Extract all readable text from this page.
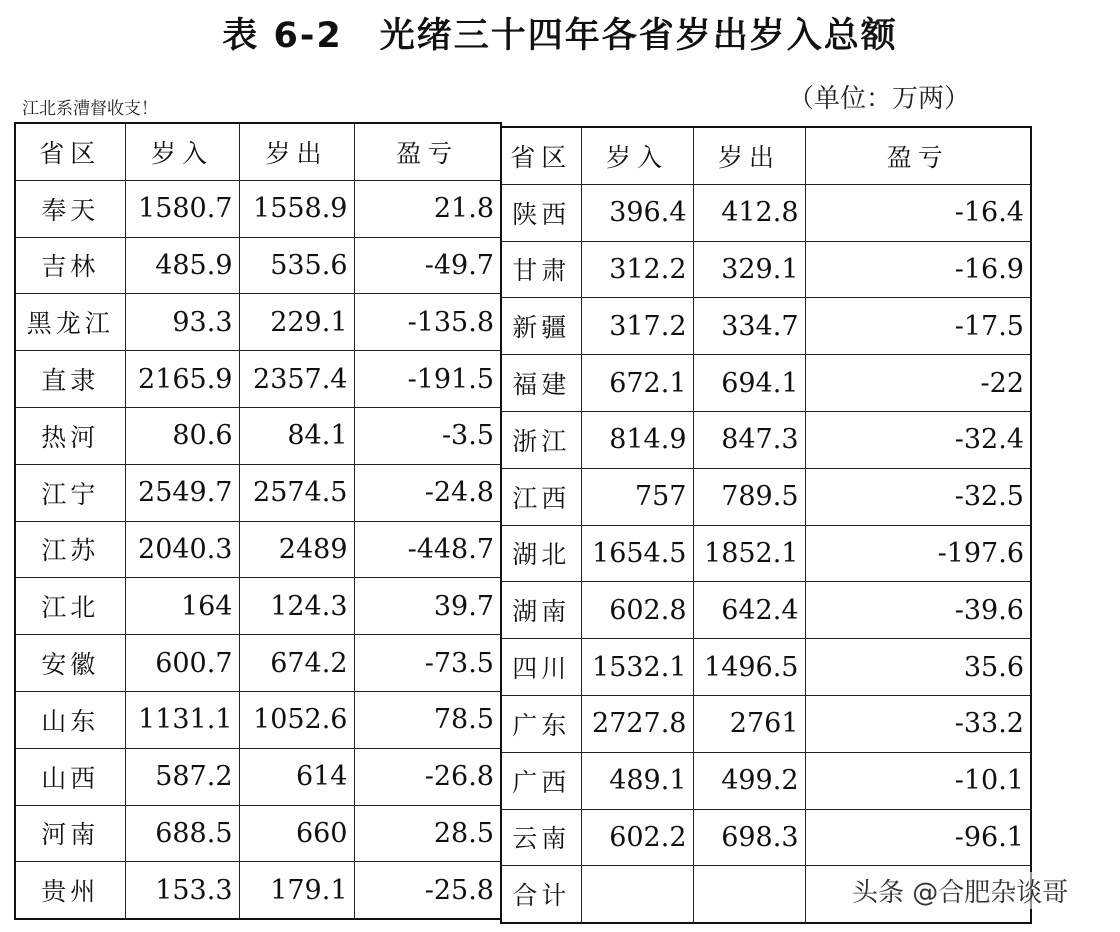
表 6-2　光绪三十四年各省岁出岁入总额
江北系漕督收支！	（单位：万两）
省区	岁入	岁出	盈亏
奉天	1580.7	1558.9	21.8
吉林	485.9	535.6	-49.7
黑龙江	93.3	229.1	-135.8
直隶	2165.9	2357.4	-191.5
热河	80.6	84.1	-3.5
江宁	2549.7	2574.5	-24.8
江苏	2040.3	2489	-448.7
江北	164	124.3	39.7
安徽	600.7	674.2	-73.5
山东	1131.1	1052.6	78.5
山西	587.2	614	-26.8
河南	688.5	660	28.5
贵州	153.3	179.1	-25.8
省区	岁入	岁出	盈亏
陕西	396.4	412.8	-16.4
甘肃	312.2	329.1	-16.9
新疆	317.2	334.7	-17.5
福建	672.1	694.1	-22
浙江	814.9	847.3	-32.4
江西	757	789.5	-32.5
湖北	1654.5	1852.1	-197.6
湖南	602.8	642.4	-39.6
四川	1532.1	1496.5	35.6
广东	2727.8	2761	-33.2
广西	489.1	499.2	-10.1
云南	602.2	698.3	-96.1
合计				头条 @合肥杂谈哥
